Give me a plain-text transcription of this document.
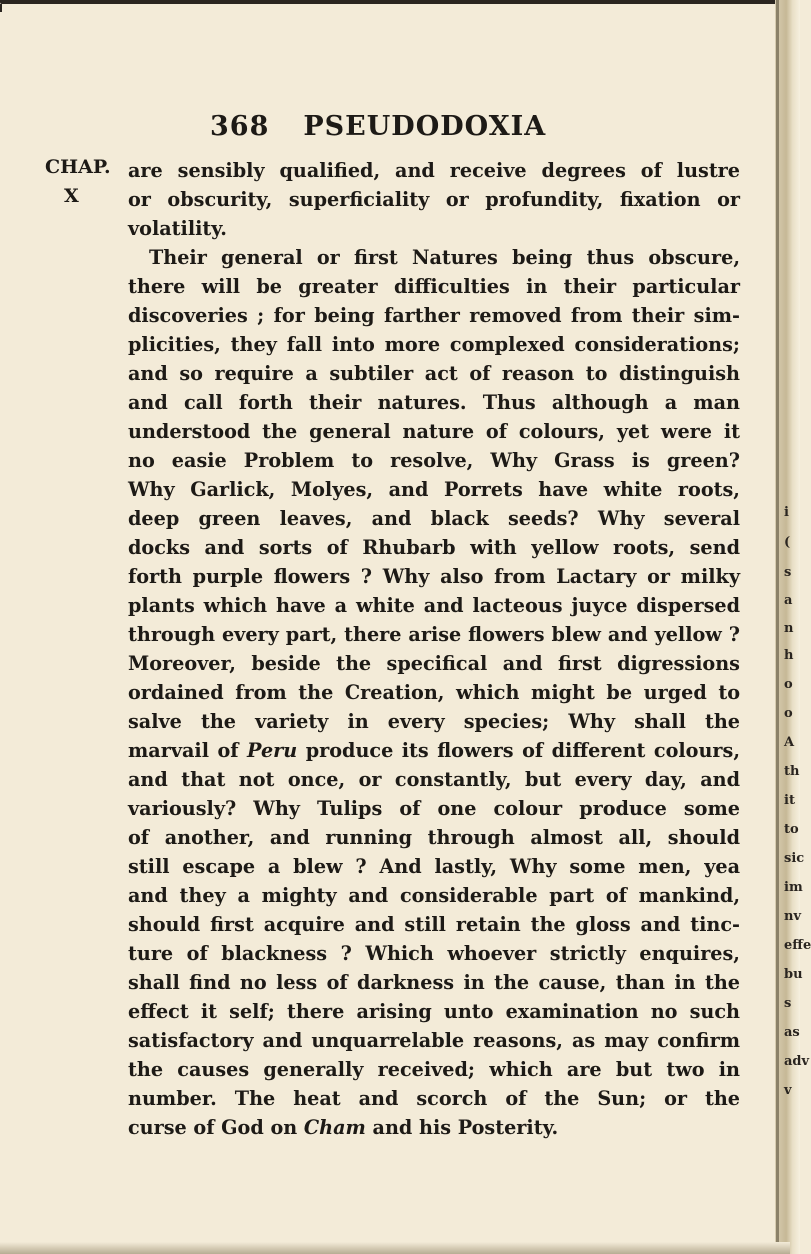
368 PSEUDODOXIA
CHAP.
X
are sensibly qualified, and receive degrees of lustre
or obscurity, superficiality or profundity, fixation or
volatility.
Their general or first Natures being thus obscure,
there will be greater difficulties in their particular
discoveries ; for being farther removed from their sim-
plicities, they fall into more complexed considerations;
and so require a subtiler act of reason to distinguish
and call forth their natures. Thus although a man
understood the general nature of colours, yet were it
no easie Problem to resolve, Why Grass is green?
Why Garlick, Molyes, and Porrets have white roots,
deep green leaves, and black seeds? Why several
docks and sorts of Rhubarb with yellow roots, send
forth purple flowers ? Why also from Lactary or milky
plants which have a white and lacteous juyce dispersed
through every part, there arise flowers blew and yellow ?
Moreover, beside the specifical and first digressions
ordained from the Creation, which might be urged to
salve the variety in every species; Why shall the
marvail of Peru produce its flowers of different colours,
and that not once, or constantly, but every day, and
variously? Why Tulips of one colour produce some
of another, and running through almost all, should
still escape a blew ? And lastly, Why some men, yea
and they a mighty and considerable part of mankind,
should first acquire and still retain the gloss and tinc-
ture of blackness ? Which whoever strictly enquires,
shall find no less of darkness in the cause, than in the
effect it self; there arising unto examination no such
satisfactory and unquarrelable reasons, as may confirm
the causes generally received; which are but two in
number. The heat and scorch of the Sun; or the
curse of God on Cham and his Posterity.
i
(
s
a
n
h
o
o
A
th
it
to
sic
im
nv
effe
bu
s
as
adv
v
